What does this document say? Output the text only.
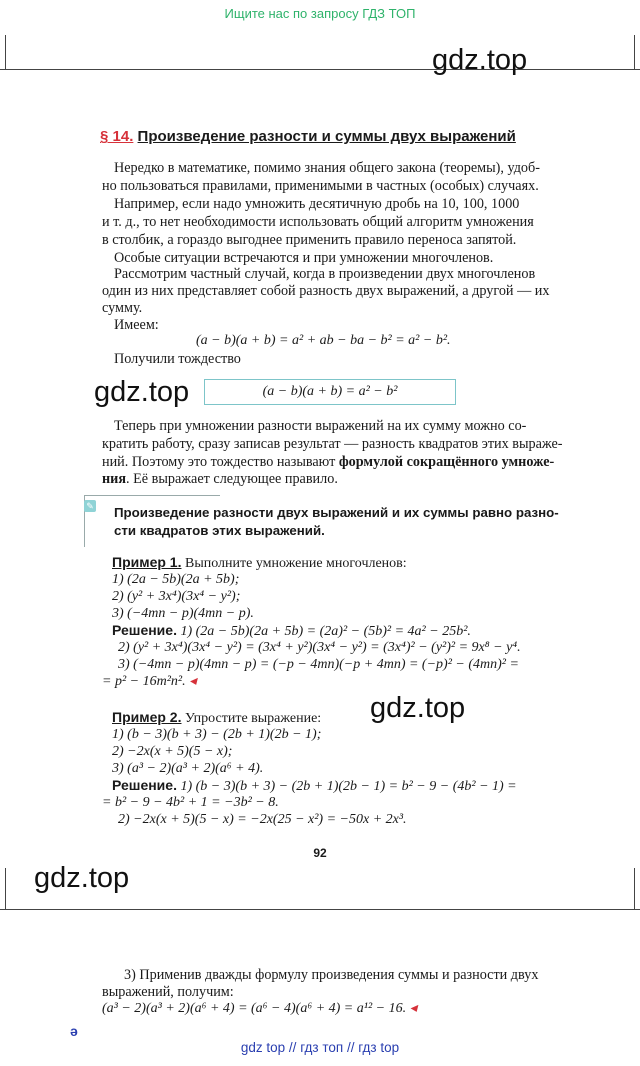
Ищите нас по запросу ГДЗ ТОП
gdz.top
gdz.top
gdz.top
gdz.top
§ 14. Произведение разности и суммы двух выражений
Нередко в математике, помимо знания общего закона (теоремы), удоб-
но пользоваться правилами, применимыми в частных (особых) случаях.
Например, если надо умножить десятичную дробь на 10, 100, 1000
и т. д., то нет необходимости использовать общий алгоритм умножения
в столбик, а гораздо выгоднее применить правило переноса запятой.
Особые ситуации встречаются и при умножении многочленов.
Рассмотрим частный случай, когда в произведении двух многочленов
один из них представляет собой разность двух выражений, а другой — их
сумму.
Имеем:
(a − b)(a + b) = a² + ab − ba − b² = a² − b².
Получили тождество
(a − b)(a + b) = a² − b²
Теперь при умножении разности выражений на их сумму можно со-
кратить работу, сразу записав результат — разность квадратов этих выраже-
ний. Поэтому это тождество называют формулой сокращённого умноже-
ния. Её выражает следующее правило.
✎ Произведение разности двух выражений и их суммы равно разно-
сти квадратов этих выражений.
Пример 1. Выполните умножение многочленов:
1) (2a − 5b)(2a + 5b);
2) (y² + 3x⁴)(3x⁴ − y²);
3) (−4mn − p)(4mn − p).
Решение. 1) (2a − 5b)(2a + 5b) = (2a)² − (5b)² = 4a² − 25b².
2) (y² + 3x⁴)(3x⁴ − y²) = (3x⁴ + y²)(3x⁴ − y²) = (3x⁴)² − (y²)² = 9x⁸ − y⁴.
3) (−4mn − p)(4mn − p) = (−p − 4mn)(−p + 4mn) = (−p)² − (4mn)² =
= p² − 16m²n². ◂
Пример 2. Упростите выражение:
1) (b − 3)(b + 3) − (2b + 1)(2b − 1);
2) −2x(x + 5)(5 − x);
3) (a³ − 2)(a³ + 2)(a⁶ + 4).
Решение. 1) (b − 3)(b + 3) − (2b + 1)(2b − 1) = b² − 9 − (4b² − 1) =
= b² − 9 − 4b² + 1 = −3b² − 8.
2) −2x(x + 5)(5 − x) = −2x(25 − x²) = −50x + 2x³.
92
3) Применив дважды формулу произведения суммы и разности двух
выражений, получим:
(a³ − 2)(a³ + 2)(a⁶ + 4) = (a⁶ − 4)(a⁶ + 4) = a¹² − 16. ◂
ǝ
gdz top // гдз топ // гдз top
